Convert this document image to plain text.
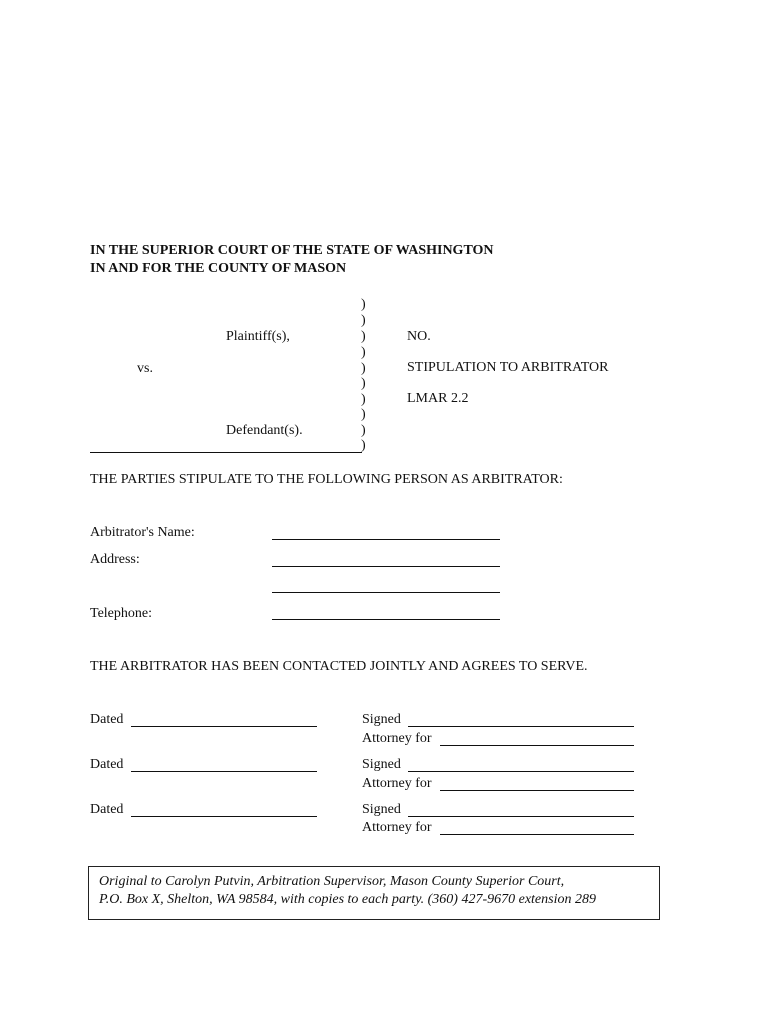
IN THE SUPERIOR COURT OF THE STATE OF WASHINGTON
IN AND FOR THE COUNTY OF MASON
)
)
)
)
)
)
)
)
)
)
Plaintiff(s),
vs.
Defendant(s).
NO.
STIPULATION TO ARBITRATOR
LMAR 2.2
THE PARTIES STIPULATE TO THE FOLLOWING PERSON AS ARBITRATOR:
Arbitrator's Name:
Address:
Telephone:
THE ARBITRATOR HAS BEEN CONTACTED JOINTLY AND AGREES TO SERVE.
Dated	Signed
Attorney for
Dated	Signed
Attorney for
Dated	Signed
Attorney for
Original to Carolyn Putvin, Arbitration Supervisor, Mason County Superior Court,
P.O. Box X, Shelton, WA 98584, with copies to each party. (360) 427-9670 extension 289
